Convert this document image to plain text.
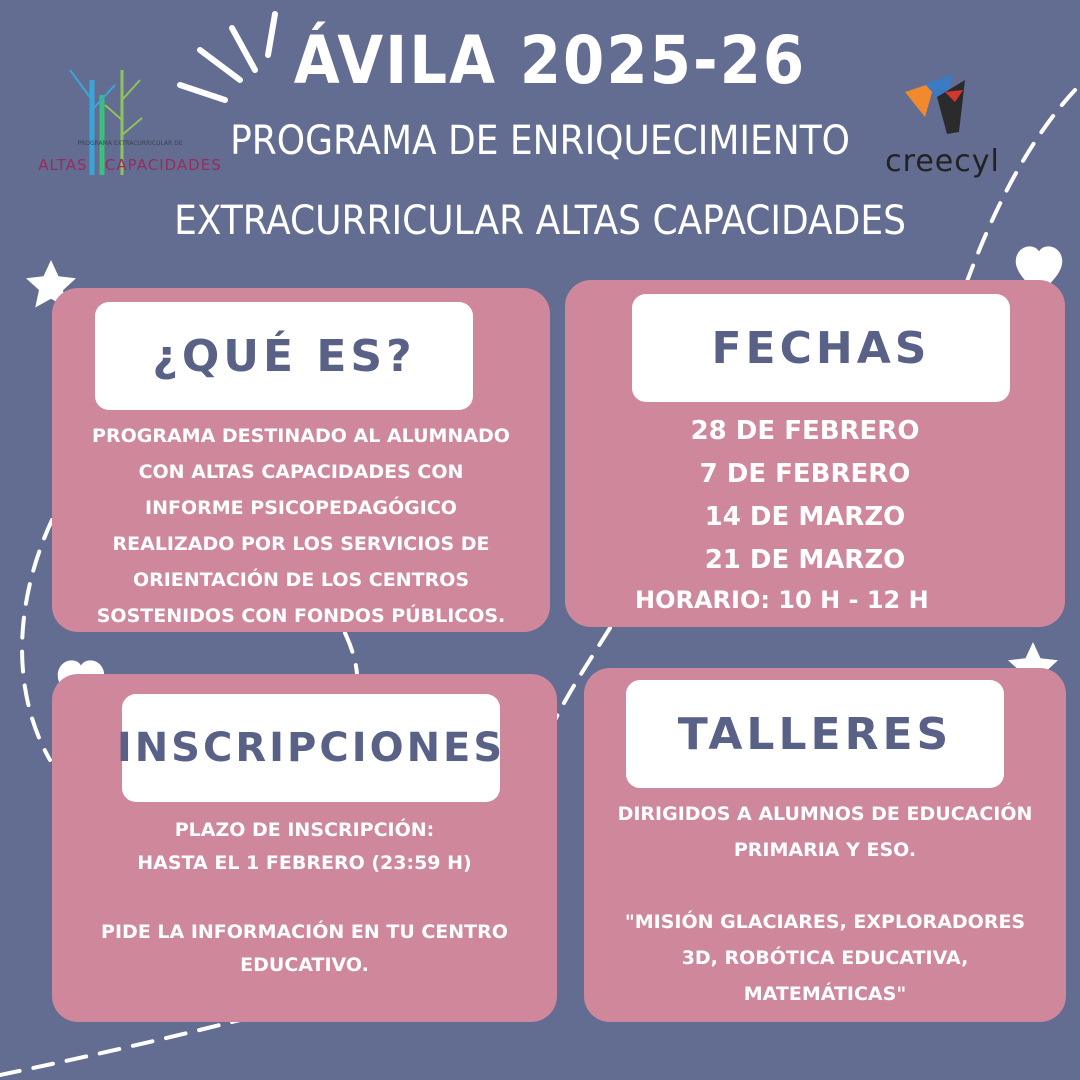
PROGRAMA EXTRACURRICULAR DE
ALTAS CAPACIDADES	creecyl
ÁVILA 2025-26
PROGRAMA DE ENRIQUECIMIENTO
EXTRACURRICULAR ALTAS CAPACIDADES
¿QUÉ ES?
PROGRAMA DESTINADO AL ALUMNADO
CON ALTAS CAPACIDADES CON
INFORME PSICOPEDAGÓGICO
REALIZADO POR LOS SERVICIOS DE
ORIENTACIÓN DE LOS CENTROS
SOSTENIDOS CON FONDOS PÚBLICOS.
FECHAS
28 DE FEBRERO
7 DE FEBRERO
14 DE MARZO
21 DE MARZO
HORARIO: 10 H - 12 H
INSCRIPCIONES
PLAZO DE INSCRIPCIÓN:
HASTA EL 1 FEBRERO (23:59 H)
PIDE LA INFORMACIÓN EN TU CENTRO
EDUCATIVO.
TALLERES
DIRIGIDOS A ALUMNOS DE EDUCACIÓN
PRIMARIA Y ESO.
"MISIÓN GLACIARES, EXPLORADORES
3D, ROBÓTICA EDUCATIVA,
MATEMÁTICAS"
